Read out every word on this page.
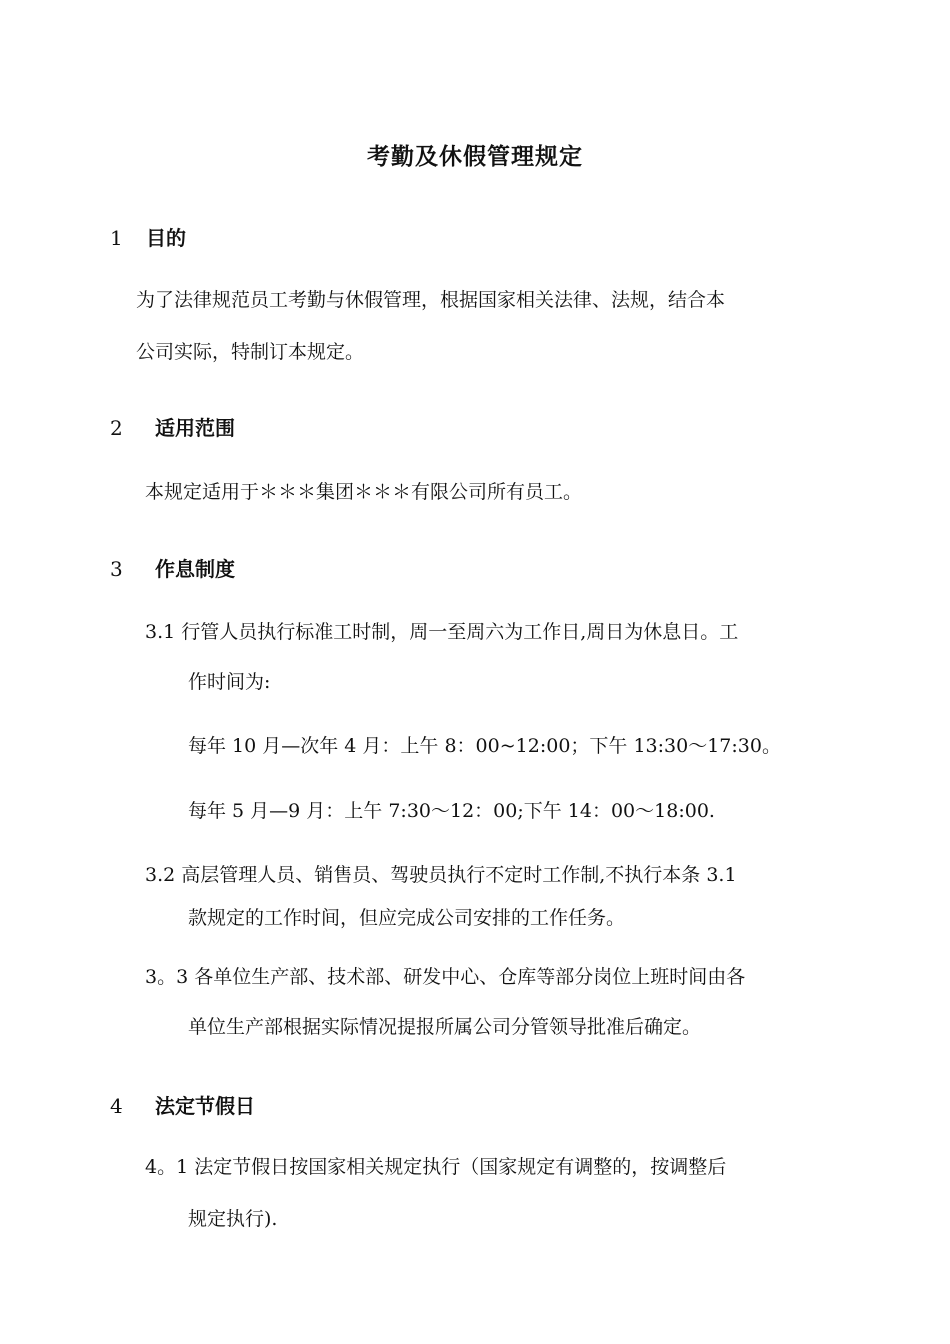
考勤及休假管理规定
1 目的
为了法律规范员工考勤与休假管理，根据国家相关法律、法规，结合本
公司实际，特制订本规定。
2 适用范围
本规定适用于＊＊＊集团＊＊＊有限公司所有员工。
3 作息制度
3.1 行管人员执行标准工时制，周一至周六为工作日,周日为休息日。工
作时间为:
每年 10 月—次年 4 月：上午 8：00~12:00；下午 13:30～17:30。
每年 5 月—9 月：上午 7:30～12：00;下午 14：00～18:00.
3.2 高层管理人员、销售员、驾驶员执行不定时工作制,不执行本条 3.1
款规定的工作时间，但应完成公司安排的工作任务。
3。3 各单位生产部、技术部、研发中心、仓库等部分岗位上班时间由各
单位生产部根据实际情况提报所属公司分管领导批准后确定。
4 法定节假日
4。1 法定节假日按国家相关规定执行（国家规定有调整的，按调整后
规定执行).
